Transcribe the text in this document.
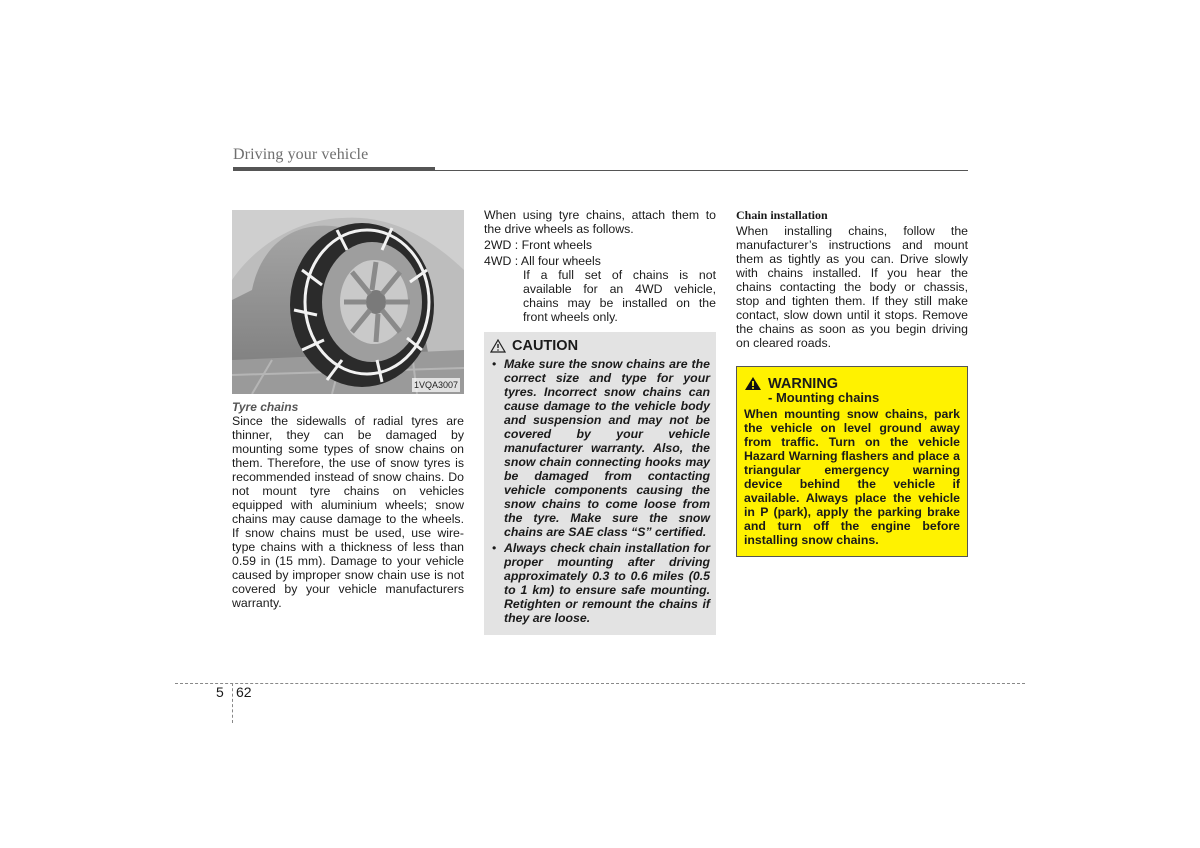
Driving your vehicle
1VQA3007
Tyre chains

Since the sidewalls of radial tyres are thinner, they can be damaged by mounting some types of snow chains on them. Therefore, the use of snow tyres is recommended instead of snow chains. Do not mount tyre chains on vehicles equipped with aluminium wheels; snow chains may cause damage to the wheels. If snow chains must be used, use wire-type chains with a thickness of less than 0.59 in (15 mm). Damage to your vehicle caused by improper snow chain use is not covered by your vehicle manufacturers warranty.

When using tyre chains, attach them to the drive wheels as follows.

2WD : Front wheels
4WD : All four wheels

If a full set of chains is not available for an 4WD vehicle, chains may be installed on the front wheels only.

CAUTION
• Make sure the snow chains are the correct size and type for your tyres. Incorrect snow chains can cause damage to the vehicle body and suspension and may not be covered by your vehicle manufacturer warranty. Also, the snow chain connecting hooks may be damaged from contacting vehicle components causing the snow chains to come loose from the tyre. Make sure the snow chains are SAE class “S” certified.
• Always check chain installation for proper mounting after driving approximately 0.3 to 0.6 miles (0.5 to 1 km) to ensure safe mounting. Retighten or remount the chains if they are loose.
Chain installation

When installing chains, follow the manufacturer’s instructions and mount them as tightly as you can. Drive slowly with chains installed. If you hear the chains contacting the body or chassis, stop and tighten them. If they still make contact, slow down until it stops. Remove the chains as soon as you begin driving on cleared roads.

WARNING
- Mounting chains

When mounting snow chains, park the vehicle on level ground away from traffic. Turn on the vehicle Hazard Warning flashers and place a triangular emergency warning device behind the vehicle if available. Always place the vehicle in P (park), apply the parking brake and turn off the engine before installing snow chains.

5 62
